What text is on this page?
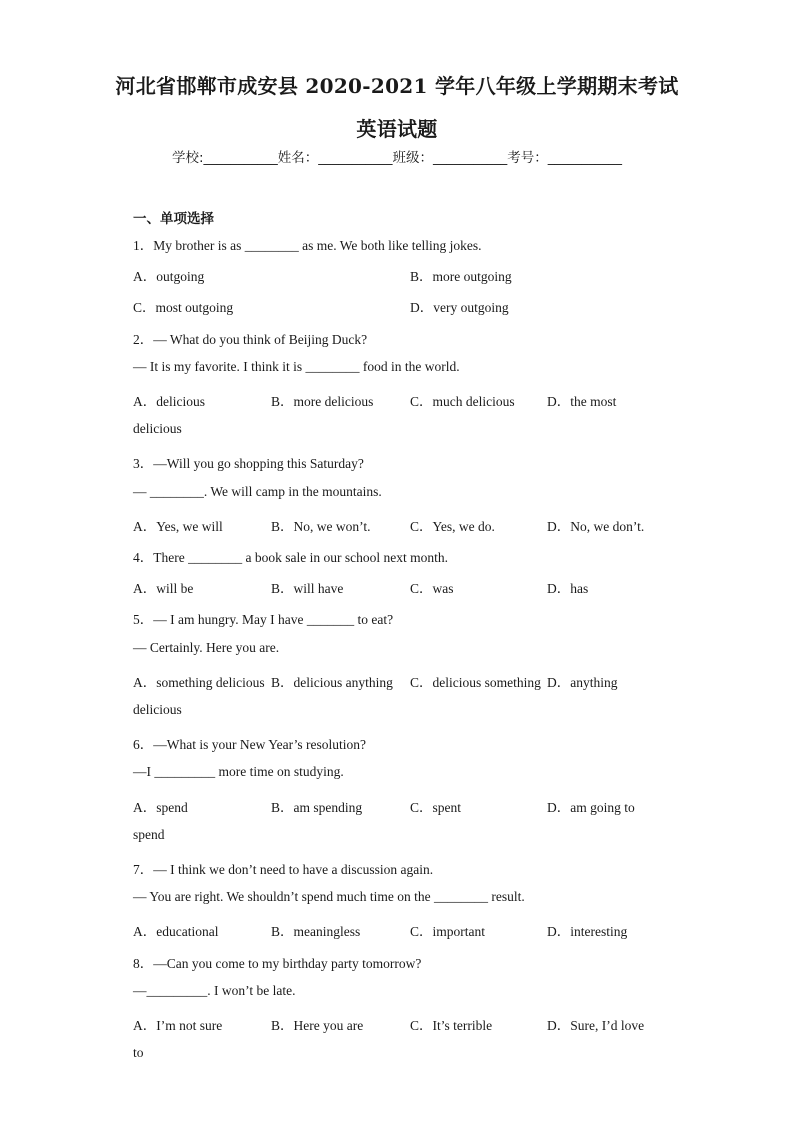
河北省邯郸市成安县 2020-2021 学年八年级上学期期末考试
英语试题
学校:___________姓名：___________班级：___________考号：___________
一、单项选择
1．My brother is as ________ as me. We both like telling jokes.
A．outgoing	B．more outgoing
C．most outgoing	D．very outgoing
2．— What do you think of Beijing Duck?
— It is my favorite. I think it is ________ food in the world.
A．delicious	B．more delicious	C．much delicious D．the most
delicious
3．—Will you go shopping this Saturday?
— ________. We will camp in the mountains.
A．Yes, we will	B．No, we won’t.	C．Yes, we do.	D．No, we don’t.
4．There ________ a book sale in our school next month.
A．will be	B．will have	C．was	D．has
5．— I am hungry. May I have _______ to eat?
— Certainly. Here you are.
A．something delicious B．delicious anything C．delicious something D．anything
delicious
6．—What is your New Year’s resolution?
—I _________ more time on studying.
A．spend	B．am spending	C．spent	D．am going to
spend
7．— I think we don’t need to have a discussion again.
— You are right. We shouldn’t spend much time on the ________ result.
A．educational	B．meaningless	C．important	D．interesting
8．—Can you come to my birthday party tomorrow?
—_________. I won’t be late.
A．I’m not sure	B．Here you are	C．It’s terrible	D．Sure, I’d love
to
